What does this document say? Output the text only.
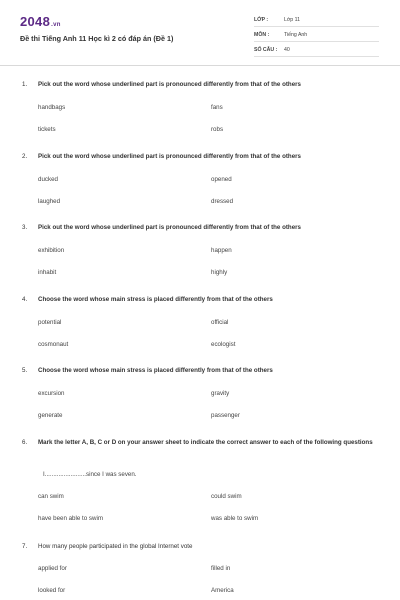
2048.vn
Đề thi Tiếng Anh 11 Học kì 2 có đáp án (Đề 1)
LỚP :	Lớp 11
MÔN :	Tiếng Anh
SỐ CÂU : 40
1. Pick out the word whose underlined part is pronounced differently from that of the others
handbags	fans
tickets	robs
2. Pick out the word whose underlined part is pronounced differently from that of the others
ducked	opened
laughed	dressed
3. Pick out the word whose underlined part is pronounced differently from that of the others
exhibition	happen
inhabit	highly
4. Choose the word whose main stress is placed differently from that of the others
potential	official
cosmonaut	ecologist
5. Choose the word whose main stress is placed differently from that of the others
excursion	gravity
generate	passenger
6. Mark the letter A, B, C or D on your answer sheet to indicate the correct answer to each of the following questions
I........................since I was seven.
can swim	could swim
have been able to swim	was able to swim
7. How many people participated in the global Internet vote
applied for	filled in
looked for	America
